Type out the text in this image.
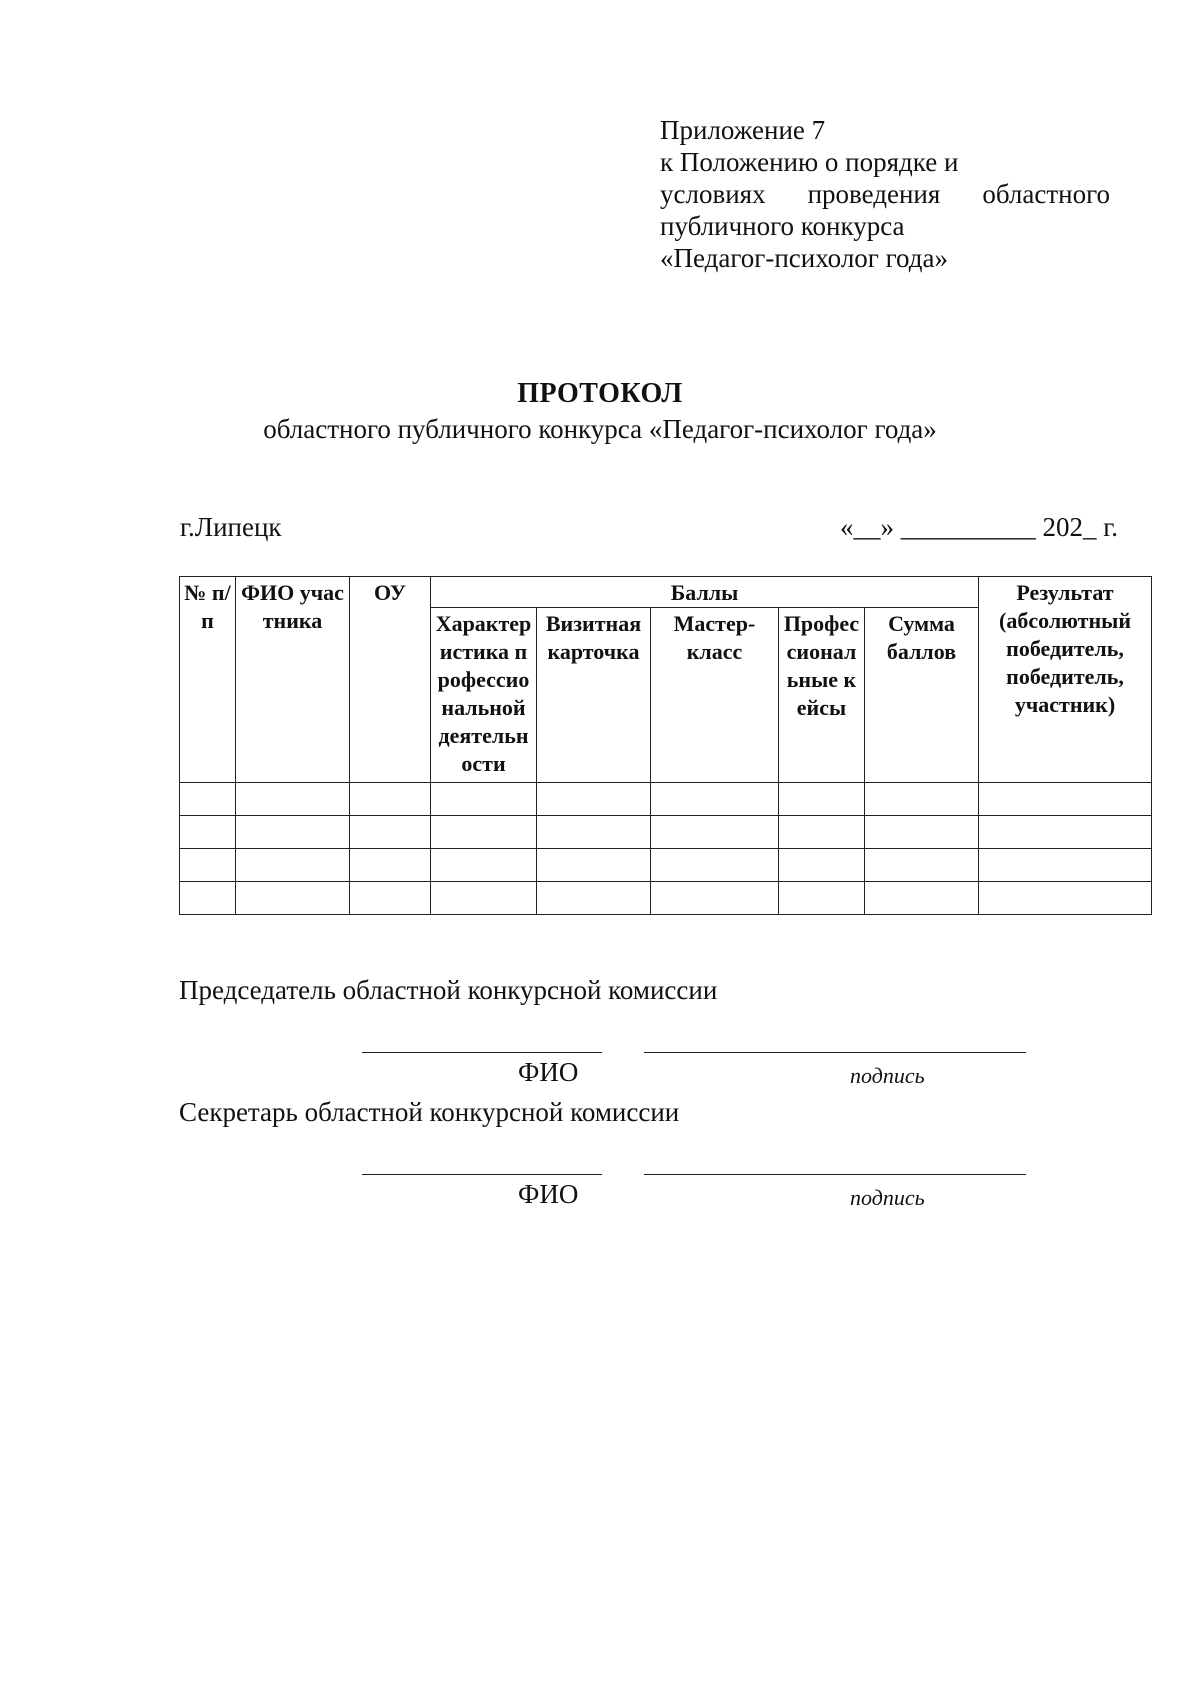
Приложение 7
к Положению о порядке и
условиях проведения областного
публичного конкурса
«Педагог-психолог года»
ПРОТОКОЛ
областного публичного конкурса «Педагог-психолог года»
г.Липецк	«__» __________ 202_ г.
№ п/п	ФИО участника	ОУ	Баллы					Результат (абсолютный победитель, победитель, участник)

			Характеристика профессиональной деятельности	Визитная карточка	Мастер-класс	Профессиональные кейсы	Сумма баллов	

Председатель областной конкурсной комиссии
ФИО	подпись
Секретарь областной конкурсной комиссии
ФИО	подпись
